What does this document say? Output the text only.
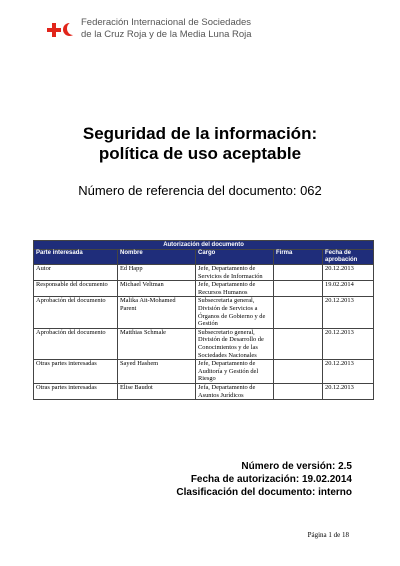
Federación Internacional de Sociedades
de la Cruz Roja y de la Media Luna Roja
Seguridad de la información:
política de uso aceptable
Número de referencia del documento: 062
Autorización del documento				
Parte interesada	Nombre	Cargo	Firma	Fecha de aprobación
Autor	Ed Happ	Jefe, Departamento de Servicios de Información		20.12.2013
Responsable del documento	Michael Veltman	Jefe, Departamento de Recursos Humanos		19.02.2014
Aprobación del documento	Malika Ait-Mohamed Parent	Subsecretaria general, División de Servicios a Órganos de Gobierno y de Gestión		20.12.2013
Aprobación del documento	Matthias Schmale	Subsecretario general, División de Desarrollo de Conocimientos y de las Sociedades Nacionales		20.12.2013
Otras partes interesadas	Sayed Hashem	Jefe, Departamento de Auditoría y Gestión del Riesgo		20.12.2013
Otras partes interesadas	Elise Baudot	Jefa, Departamento de Asuntos Jurídicos		20.12.2013
Número de versión: 2.5
Fecha de autorización: 19.02.2014
Clasificación del documento: interno
Página 1 de 18
